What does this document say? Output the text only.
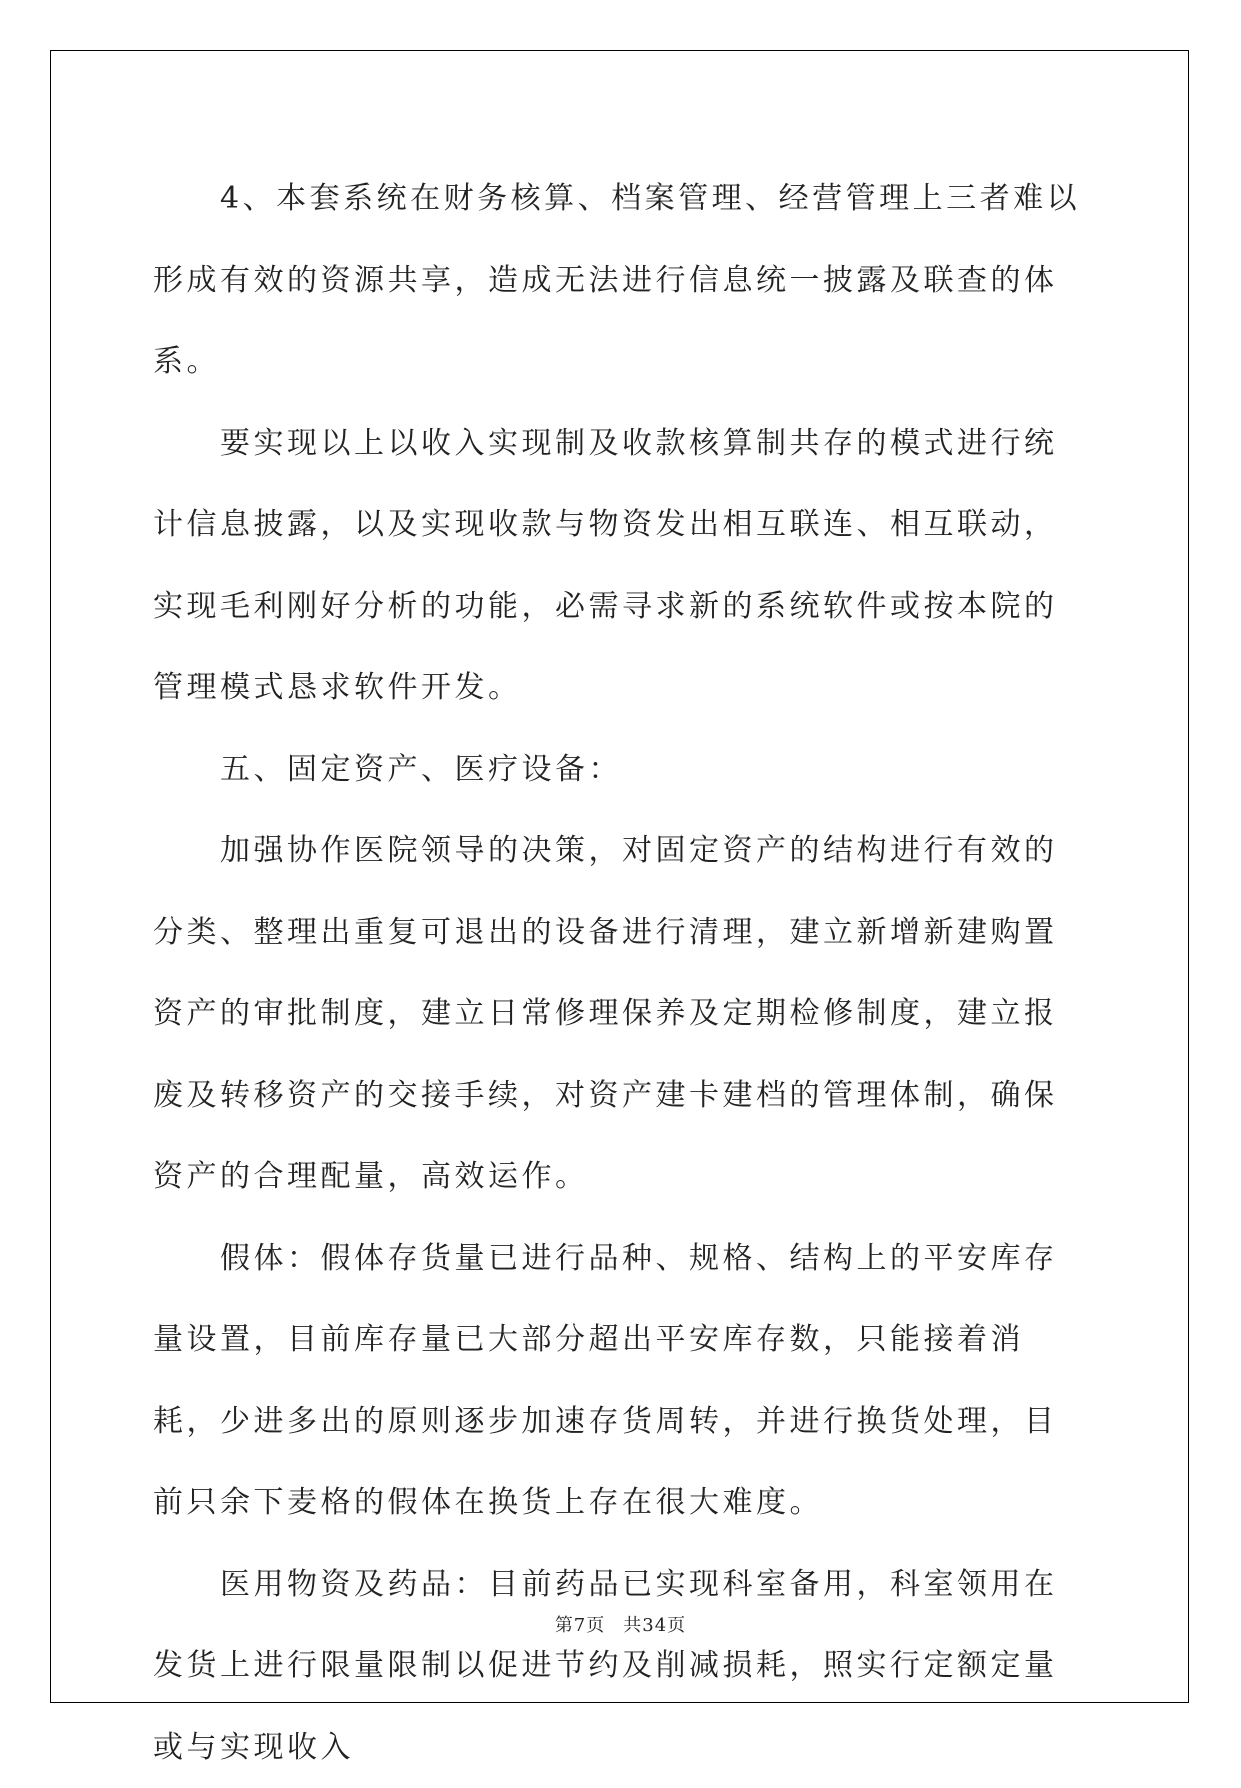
4、本套系统在财务核算、档案管理、经营管理上三者难以形成有效的资源共享，造成无法进行信息统一披露及联查的体系。

要实现以上以收入实现制及收款核算制共存的模式进行统计信息披露，以及实现收款与物资发出相互联连、相互联动，实现毛利刚好分析的功能，必需寻求新的系统软件或按本院的管理模式恳求软件开发。

五、固定资产、医疗设备：

加强协作医院领导的决策，对固定资产的结构进行有效的分类、整理出重复可退出的设备进行清理，建立新增新建购置资产的审批制度，建立日常修理保养及定期检修制度，建立报废及转移资产的交接手续，对资产建卡建档的管理体制，确保资产的合理配量，高效运作。

假体：假体存货量已进行品种、规格、结构上的平安库存量设置，目前库存量已大部分超出平安库存数，只能接着消耗，少进多出的原则逐步加速存货周转，并进行换货处理，目前只余下麦格的假体在换货上存在很大难度。

医用物资及药品：目前药品已实现科室备用，科室领用在发货上进行限量限制以促进节约及削减损耗，照实行定额定量或与实现收入

第7页 共34页
